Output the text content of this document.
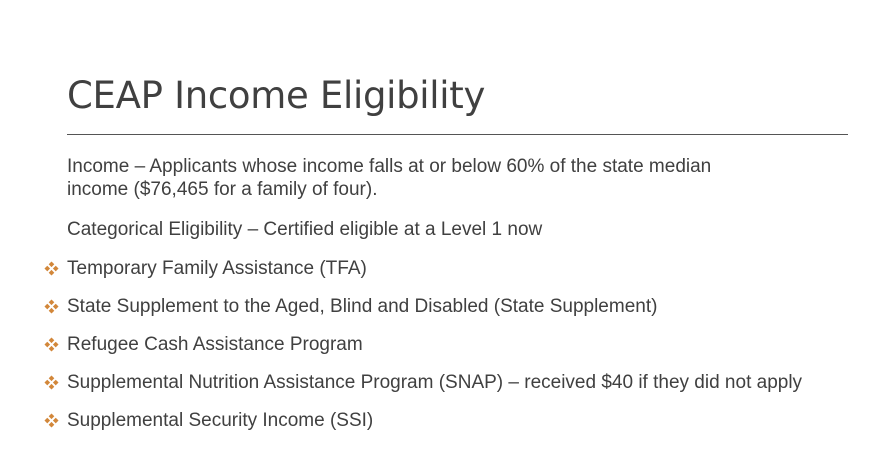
CEAP Income Eligibility
Income – Applicants whose income falls at or below 60% of the state median
income ($76,465 for a family of four).
Categorical Eligibility – Certified eligible at a Level 1 now
Temporary Family Assistance (TFA)
State Supplement to the Aged, Blind and Disabled (State Supplement)
Refugee Cash Assistance Program
Supplemental Nutrition Assistance Program (SNAP) – received $40 if they did not apply
Supplemental Security Income (SSI)
